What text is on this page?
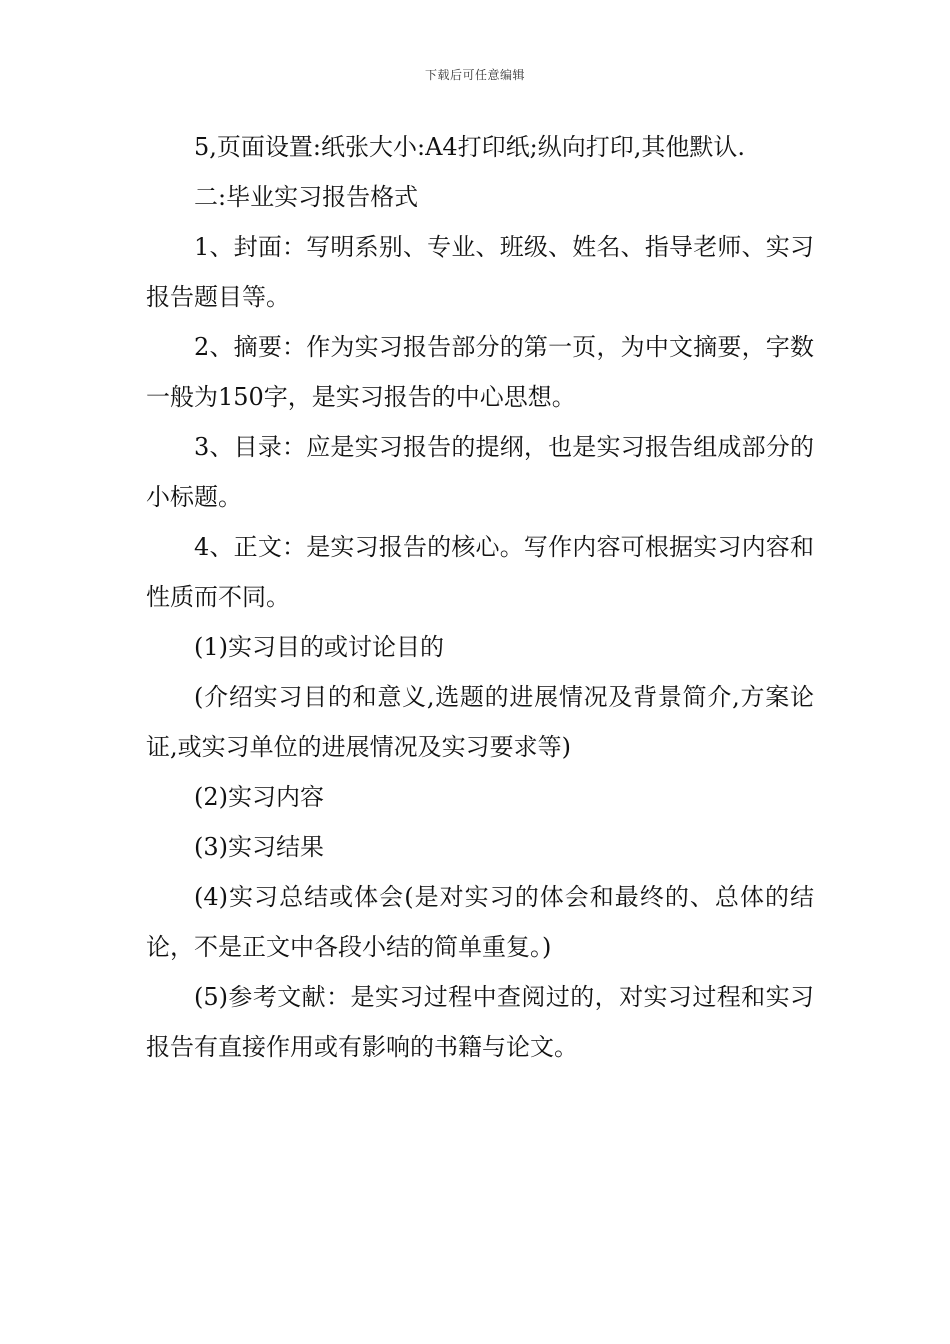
下载后可任意编辑

5,页面设置:纸张大小:A4打印纸;纵向打印,其他默认.

二:毕业实习报告格式

1、封面：写明系别、专业、班级、姓名、指导老师、实习报告题目等。

2、摘要：作为实习报告部分的第一页，为中文摘要，字数一般为150字，是实习报告的中心思想。

3、目录：应是实习报告的提纲，也是实习报告组成部分的小标题。

4、正文：是实习报告的核心。写作内容可根据实习内容和性质而不同。

(1)实习目的或讨论目的

(介绍实习目的和意义,选题的进展情况及背景简介,方案论证,或实习单位的进展情况及实习要求等)

(2)实习内容

(3)实习结果

(4)实习总结或体会(是对实习的体会和最终的、总体的结论，不是正文中各段小结的简单重复。)

(5)参考文献：是实习过程中查阅过的，对实习过程和实习报告有直接作用或有影响的书籍与论文。
